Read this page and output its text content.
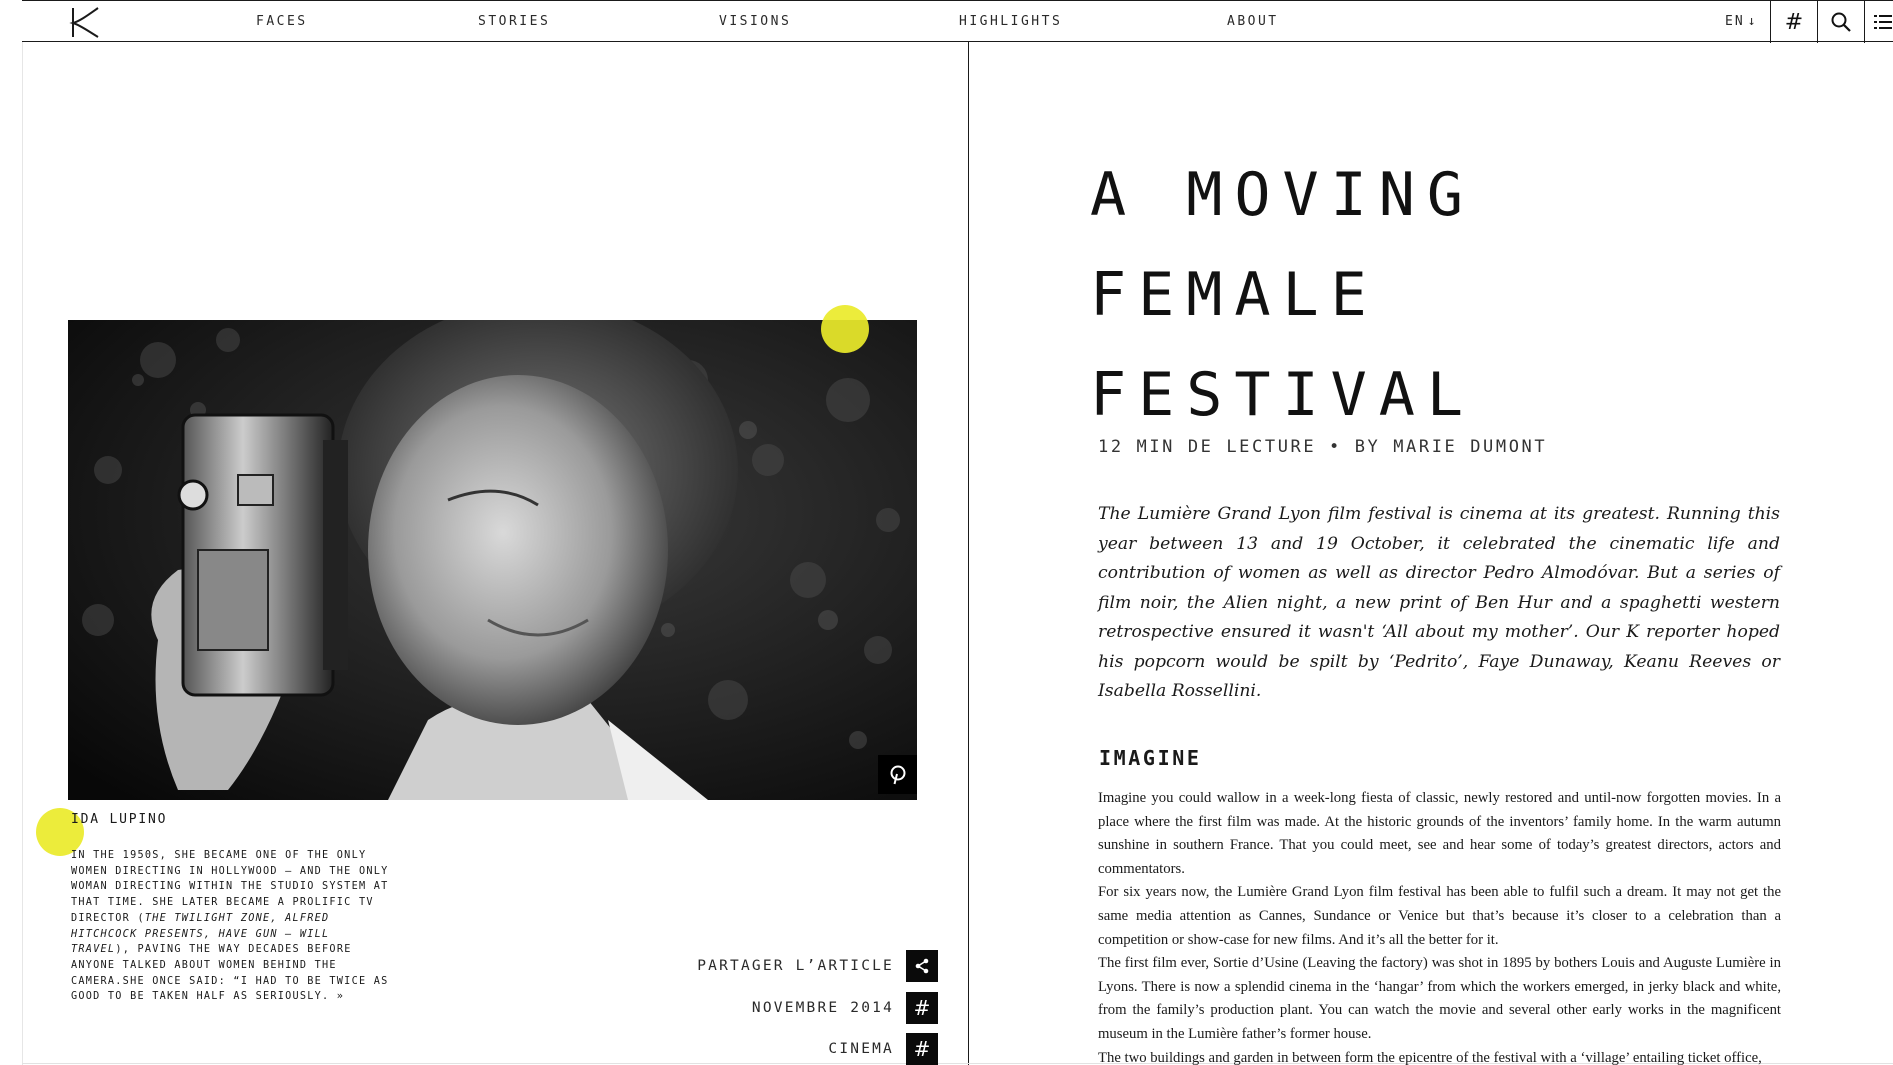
FACES	STORIES	VISIONS	HIGHLIGHTS	ABOUT	EN ↓ #
IDA LUPINO
IN THE 1950S, SHE BECAME ONE OF THE ONLY WOMEN DIRECTING IN HOLLYWOOD — AND THE ONLY WOMAN DIRECTING WITHIN THE STUDIO SYSTEM AT THAT TIME. SHE LATER BECAME A PROLIFIC TV DIRECTOR (THE TWILIGHT ZONE, ALFRED HITCHCOCK PRESENTS, HAVE GUN – WILL TRAVEL), PAVING THE WAY DECADES BEFORE ANYONE TALKED ABOUT WOMEN BEHIND THE CAMERA.SHE ONCE SAID: “I HAD TO BE TWICE AS GOOD TO BE TAKEN HALF AS SERIOUSLY. »
PARTAGER L’ARTICLE
NOVEMBRE 2014 #
CINEMA #
A MOVING
FEMALE
FESTIVAL
12 MIN DE LECTURE • BY MARIE DUMONT

The Lumière Grand Lyon film festival is cinema at its greatest. Running this year between 13 and 19 October, it celebrated the cinematic life and contribution of women as well as director Pedro Almodóvar. But a series of film noir, the Alien night, a new print of Ben Hur and a spaghetti western retrospective ensured it wasn't ‘All about my mother’. Our K reporter hoped his popcorn would be spilt by ‘Pedrito’, Faye Dunaway, Keanu Reeves or Isabella Rossellini.

IMAGINE

Imagine you could wallow in a week-long fiesta of classic, newly restored and until-now forgotten movies. In a place where the first film was made. At the historic grounds of the inventors’ family home. In the warm autumn sunshine in southern France. That you could meet, see and hear some of today’s greatest directors, actors and commentators.

For six years now, the Lumière Grand Lyon film festival has been able to fulfil such a dream. It may not get the same media attention as Cannes, Sundance or Venice but that’s because it’s closer to a celebration than a competition or show-case for new films. And it’s all the better for it.

The first film ever, Sortie d’Usine (Leaving the factory) was shot in 1895 by bothers Louis and Auguste Lumière in Lyons. There is now a splendid cinema in the ‘hangar’ from which the workers emerged, in jerky black and white, from the family’s production plant. You can watch the movie and several other early works in the magnificent museum in the Lumière father’s former house.

The two buildings and garden in between form the epicentre of the festival with a ‘village’ entailing ticket office,
